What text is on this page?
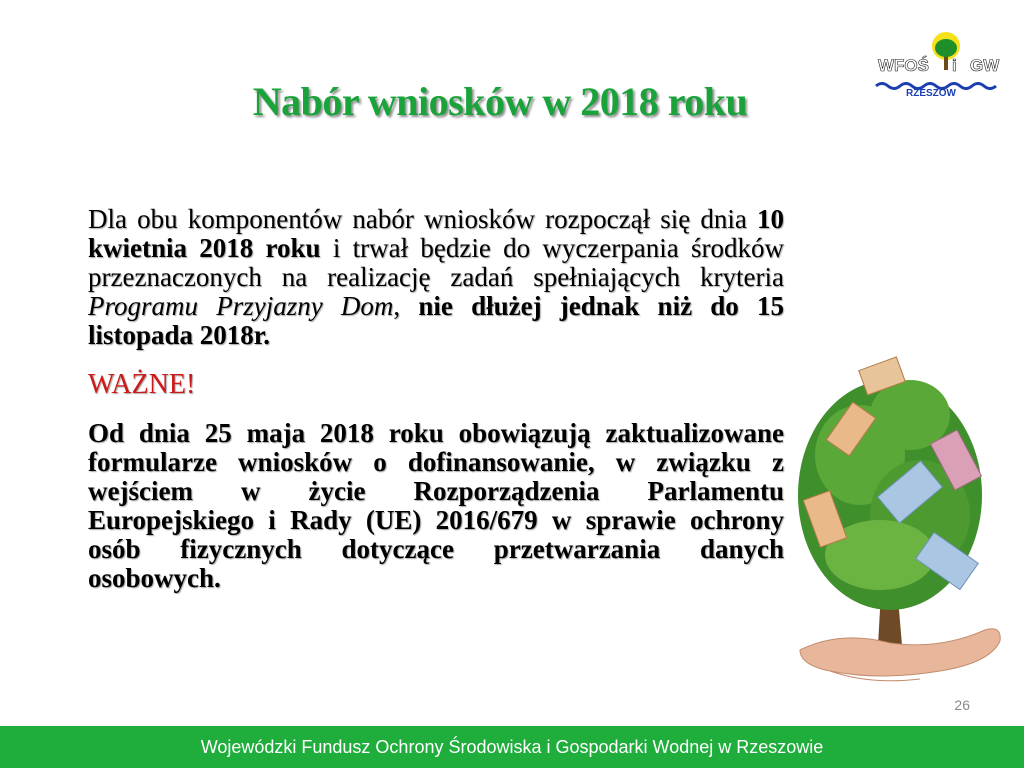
WFOŚ i GW
RZESZÓW
Nabór wniosków w 2018 roku

Dla obu komponentów nabór wniosków rozpoczął się dnia 10 kwietnia 2018 roku i trwał będzie do wyczerpania środków przeznaczonych na realizację zadań spełniających kryteria Programu Przyjazny Dom, nie dłużej jednak niż do 15 listopada 2018r.

WAŻNE!

Od dnia 25 maja 2018 roku obowiązują zaktualizowane formularze wniosków o dofinansowanie, w związku z wejściem w życie Rozporządzenia Parlamentu Europejskiego i Rady (UE) 2016/679 w sprawie ochrony osób fizycznych dotyczące przetwarzania danych osobowych.

26
Wojewódzki Fundusz Ochrony Środowiska i Gospodarki Wodnej w Rzeszowie
